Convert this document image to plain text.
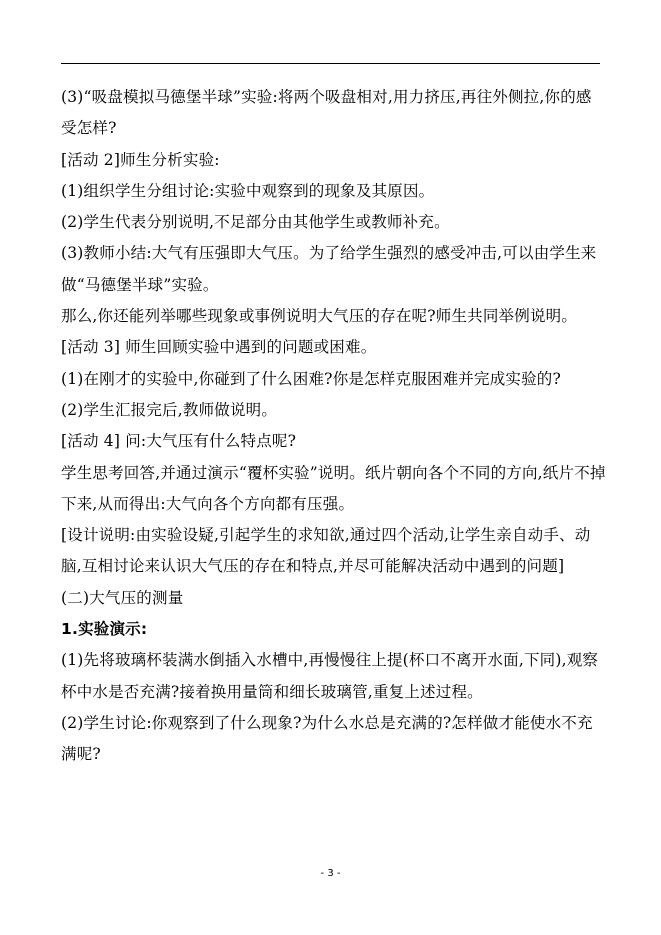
(3)“吸盘模拟马德堡半球”实验:将两个吸盘相对,用力挤压,再往外侧拉,你的感受怎样?

[活动 2]师生分析实验:

(1)组织学生分组讨论:实验中观察到的现象及其原因。

(2)学生代表分别说明,不足部分由其他学生或教师补充。

(3)教师小结:大气有压强即大气压。为了给学生强烈的感受冲击,可以由学生来做“马德堡半球”实验。

那么,你还能列举哪些现象或事例说明大气压的存在呢?师生共同举例说明。

[活动 3] 师生回顾实验中遇到的问题或困难。

(1)在刚才的实验中,你碰到了什么困难?你是怎样克服困难并完成实验的?

(2)学生汇报完后,教师做说明。

[活动 4] 问:大气压有什么特点呢?

学生思考回答,并通过演示“覆杯实验”说明。纸片朝向各个不同的方向,纸片不掉下来,从而得出:大气向各个方向都有压强。

[设计说明:由实验设疑,引起学生的求知欲,通过四个活动,让学生亲自动手、动脑,互相讨论来认识大气压的存在和特点,并尽可能解决活动中遇到的问题]

(二)大气压的测量

1.实验演示:

(1)先将玻璃杯装满水倒插入水槽中,再慢慢往上提(杯口不离开水面,下同),观察杯中水是否充满?接着换用量筒和细长玻璃管,重复上述过程。

(2)学生讨论:你观察到了什么现象?为什么水总是充满的?怎样做才能使水不充满呢?

- 3 -
